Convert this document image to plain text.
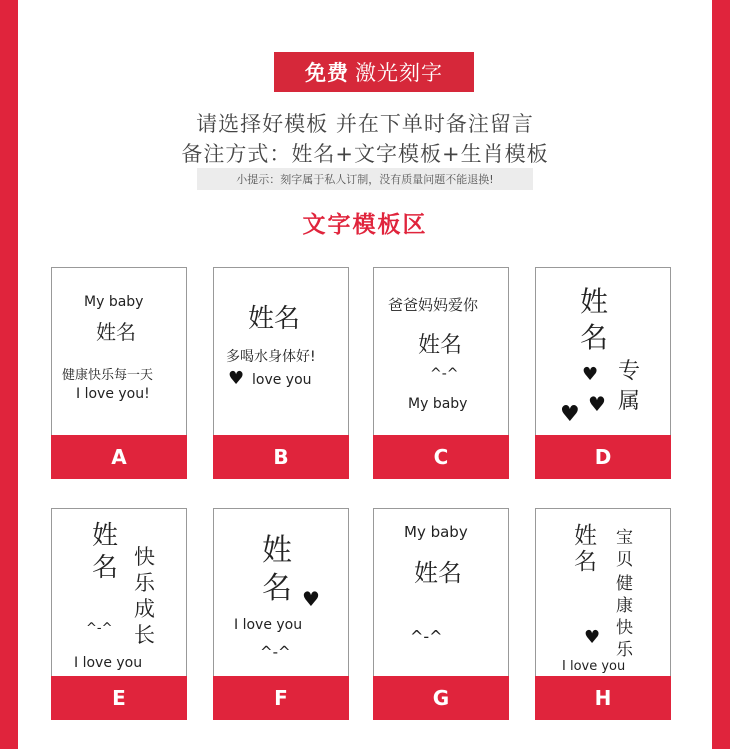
免费 激光刻字
请选择好模板 并在下单时备注留言
备注方式：姓名+文字模板+生肖模板
小提示：刻字属于私人订制，没有质量问题不能退换!
文字模板区
My baby
姓名
健康快乐每一天
I love you!
A
姓名
多喝水身体好!
♥ love you
B
爸爸妈妈爱你
姓名
^-^
My baby
C
姓
名
专
属
♥
♥
♥
D
姓
名 快
乐
成
长
^-^
I love you
E
姓
名 ♥
I love you
^-^
F
My baby
姓名
^-^
G
姓
名
宝
贝
健
康
快
乐
♥
I love you
H
